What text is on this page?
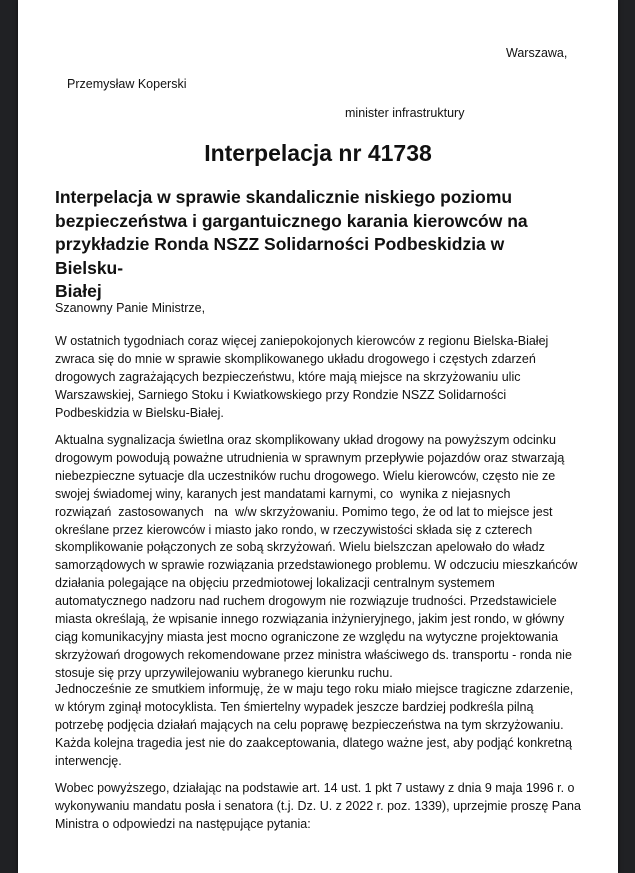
Warszawa,
Przemysław Koperski
minister infrastruktury
Interpelacja nr 41738
Interpelacja w sprawie skandalicznie niskiego poziomu
bezpieczeństwa i gargantuicznego karania kierowców na
przykładzie Ronda NSZZ Solidarności Podbeskidzia w Bielsku-
Białej

Szanowny Panie Ministrze,

W ostatnich tygodniach coraz więcej zaniepokojonych kierowców z regionu Bielska-Białej
zwraca się do mnie w sprawie skomplikowanego układu drogowego i częstych zdarzeń
drogowych zagrażających bezpieczeństwu, które mają miejsce na skrzyżowaniu ulic
Warszawskiej, Sarniego Stoku i Kwiatkowskiego przy Rondzie NSZZ Solidarności
Podbeskidzia w Bielsku-Białej.

Aktualna sygnalizacja świetlna oraz skomplikowany układ drogowy na powyższym odcinku
drogowym powodują poważne utrudnienia w sprawnym przepływie pojazdów oraz stwarzają
niebezpieczne sytuacje dla uczestników ruchu drogowego. Wielu kierowców, często nie ze
swojej świadomej winy, karanych jest mandatami karnymi, co  wynika z niejasnych
rozwiązań  zastosowanych   na  w/w skrzyżowaniu. Pomimo tego, że od lat to miejsce jest
określane przez kierowców i miasto jako rondo, w rzeczywistości składa się z czterech
skomplikowanie połączonych ze sobą skrzyżowań. Wielu bielszczan apelowało do władz
samorządowych w sprawie rozwiązania przedstawionego problemu. W odczuciu mieszkańców
działania polegające na objęciu przedmiotowej lokalizacji centralnym systemem
automatycznego nadzoru nad ruchem drogowym nie rozwiązuje trudności. Przedstawiciele
miasta określają, że wpisanie innego rozwiązania inżynieryjnego, jakim jest rondo, w główny
ciąg komunikacyjny miasta jest mocno ograniczone ze względu na wytyczne projektowania
skrzyżowań drogowych rekomendowane przez ministra właściwego ds. transportu - ronda nie
stosuje się przy uprzywilejowaniu wybranego kierunku ruchu.

Jednocześnie ze smutkiem informuję, że w maju tego roku miało miejsce tragiczne zdarzenie,
w którym zginął motocyklista. Ten śmiertelny wypadek jeszcze bardziej podkreśla pilną
potrzebę podjęcia działań mających na celu poprawę bezpieczeństwa na tym skrzyżowaniu.
Każda kolejna tragedia jest nie do zaakceptowania, dlatego ważne jest, aby podjąć konkretną
interwencję.

Wobec powyższego, działając na podstawie art. 14 ust. 1 pkt 7 ustawy z dnia 9 maja 1996 r. o
wykonywaniu mandatu posła i senatora (t.j. Dz. U. z 2022 r. poz. 1339), uprzejmie proszę Pana
Ministra o odpowiedzi na następujące pytania:
